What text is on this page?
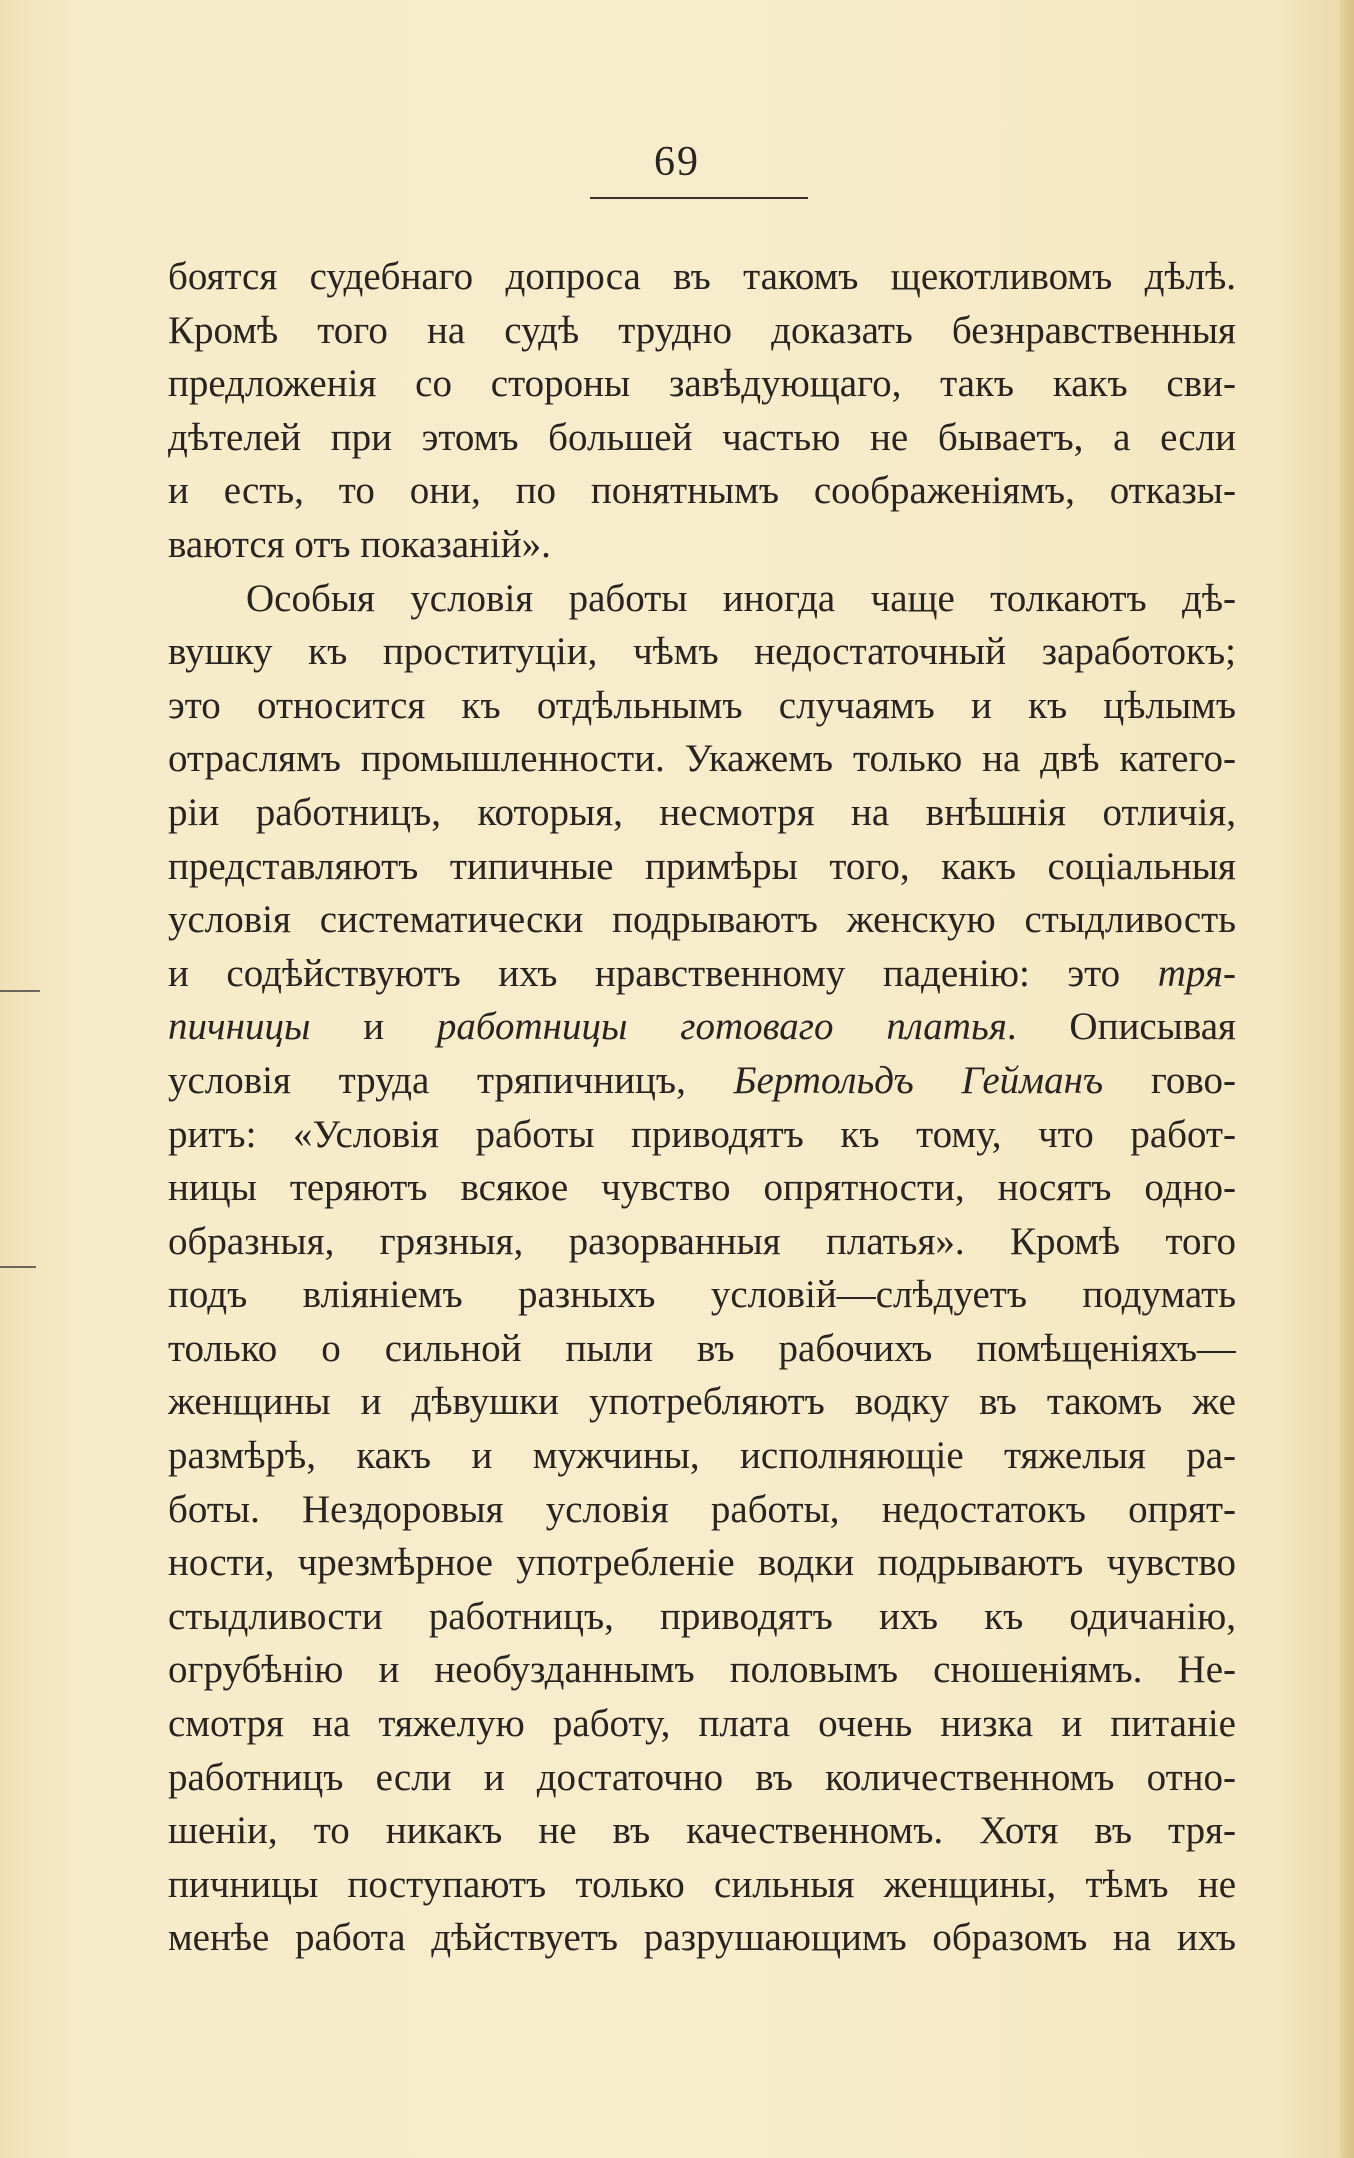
69
боятся судебнаго допроса въ такомъ щекотливомъ дѣлѣ.
Кромѣ того на судѣ трудно доказать безнравственныя
предложенія со стороны завѣдующаго, такъ какъ сви-
дѣтелей при этомъ большей частью не бываетъ, а если
и есть, то они, по понятнымъ соображеніямъ, отказы-
ваются отъ показаній».
Особыя условія работы иногда чаще толкаютъ дѣ-
вушку къ проституціи, чѣмъ недостаточный заработокъ;
это относится къ отдѣльнымъ случаямъ и къ цѣлымъ
отраслямъ промышленности. Укажемъ только на двѣ катего-
ріи работницъ, которыя, несмотря на внѣшнія отличія,
представляютъ типичные примѣры того, какъ соціальныя
условія систематически подрываютъ женскую стыдливость
и содѣйствуютъ ихъ нравственному паденію: это тря-
пичницы и работницы готоваго платья. Описывая
условія труда тряпичницъ, Бертольдъ Гейманъ гово-
ритъ: «Условія работы приводятъ къ тому, что работ-
ницы теряютъ всякое чувство опрятности, носятъ одно-
образныя, грязныя, разорванныя платья». Кромѣ того
подъ вліяніемъ разныхъ условій—слѣдуетъ подумать
только о сильной пыли въ рабочихъ помѣщеніяхъ—
женщины и дѣвушки употребляютъ водку въ такомъ же
размѣрѣ, какъ и мужчины, исполняющіе тяжелыя ра-
боты. Нездоровыя условія работы, недостатокъ опрят-
ности, чрезмѣрное употребленіе водки подрываютъ чувство
стыдливости работницъ, приводятъ ихъ къ одичанію,
огрубѣнію и необузданнымъ половымъ сношеніямъ. Не-
смотря на тяжелую работу, плата очень низка и питаніе
работницъ если и достаточно въ количественномъ отно-
шеніи, то никакъ не въ качественномъ. Хотя въ тря-
пичницы поступаютъ только сильныя женщины, тѣмъ не
менѣе работа дѣйствуетъ разрушающимъ образомъ на ихъ
